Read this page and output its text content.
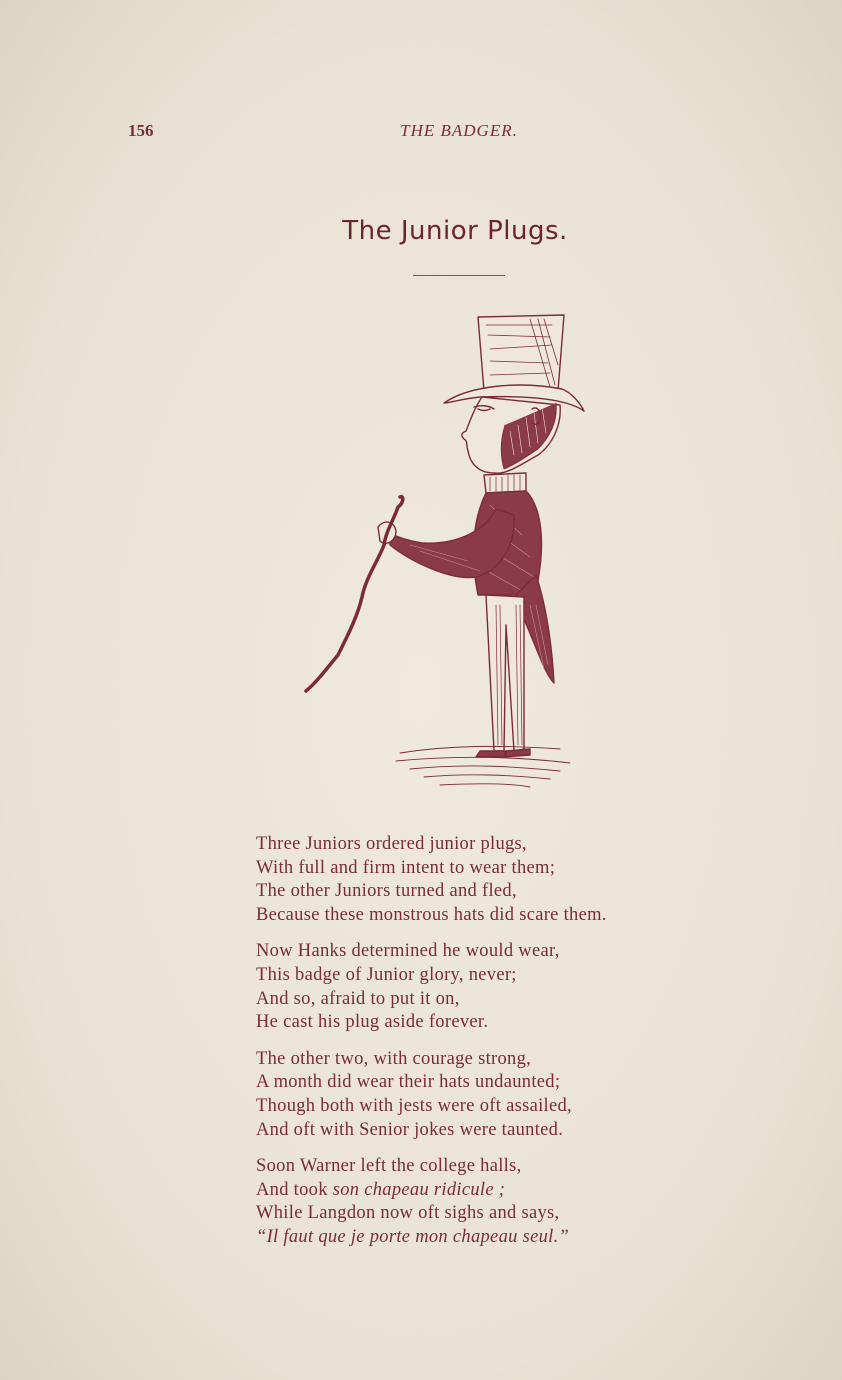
156	THE BADGER.
The Junior Plugs.
Three Juniors ordered junior plugs,
With full and firm intent to wear them;
The other Juniors turned and fled,
Because these monstrous hats did scare them.
Now Hanks determined he would wear,
This badge of Junior glory, never;
And so, afraid to put it on,
He cast his plug aside forever.
The other two, with courage strong,
A month did wear their hats undaunted;
Though both with jests were oft assailed,
And oft with Senior jokes were taunted.
Soon Warner left the college halls,
And took son chapeau ridicule ;
While Langdon now oft sighs and says,
“Il faut que je porte mon chapeau seul.”
